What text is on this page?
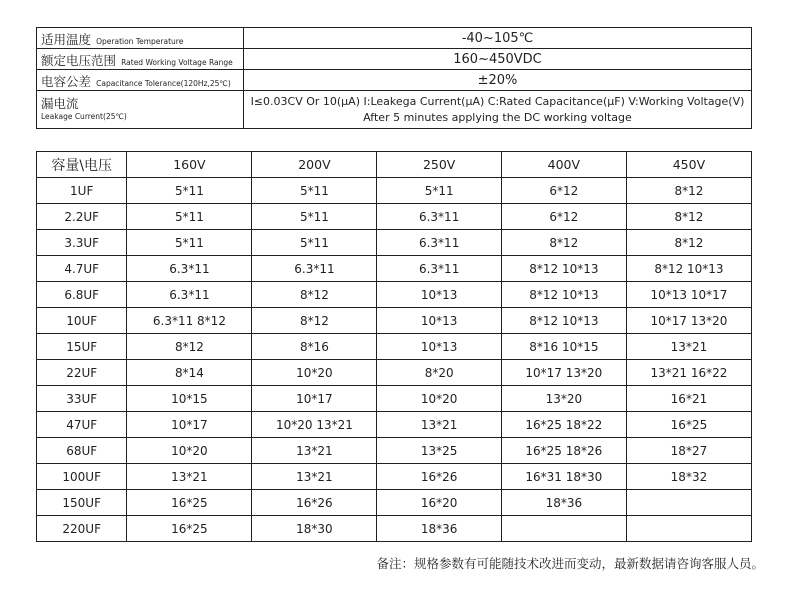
适用温度 Operation Temperature	-40~105℃
额定电压范围 Rated Working Voltage Range	160~450VDC
电容公差 Capacitance Tolerance(120Hz,25℃)	±20%

漏电流
Leakage Current(25℃)	I≤0.03CV Or 10(μA) I:Leakega Current(μA) C:Rated Capacitance(μF) V:Working Voltage(V)
After 5 minutes applying the DC working voltage
容量\电压	160V	200V	250V	400V	450V
1UF	5*11	5*11	5*11	6*12	8*12
2.2UF	5*11	5*11	6.3*11	6*12	8*12
3.3UF	5*11	5*11	6.3*11	8*12	8*12
4.7UF	6.3*11	6.3*11	6.3*11	8*12 10*13	8*12 10*13
6.8UF	6.3*11	8*12	10*13	8*12 10*13	10*13 10*17
10UF	6.3*11 8*12	8*12	10*13	8*12 10*13	10*17 13*20
15UF	8*12	8*16	10*13	8*16 10*15	13*21
22UF	8*14	10*20	8*20	10*17 13*20	13*21 16*22
33UF	10*15	10*17	10*20	13*20	16*21
47UF	10*17	10*20 13*21	13*21	16*25 18*22	16*25
68UF	10*20	13*21	13*25	16*25 18*26	18*27
100UF	13*21	13*21	16*26	16*31 18*30	18*32
150UF	16*25	16*26	16*20	18*36	
220UF	16*25	18*30	18*36		
备注：规格参数有可能随技术改进而变动，最新数据请咨询客服人员。
